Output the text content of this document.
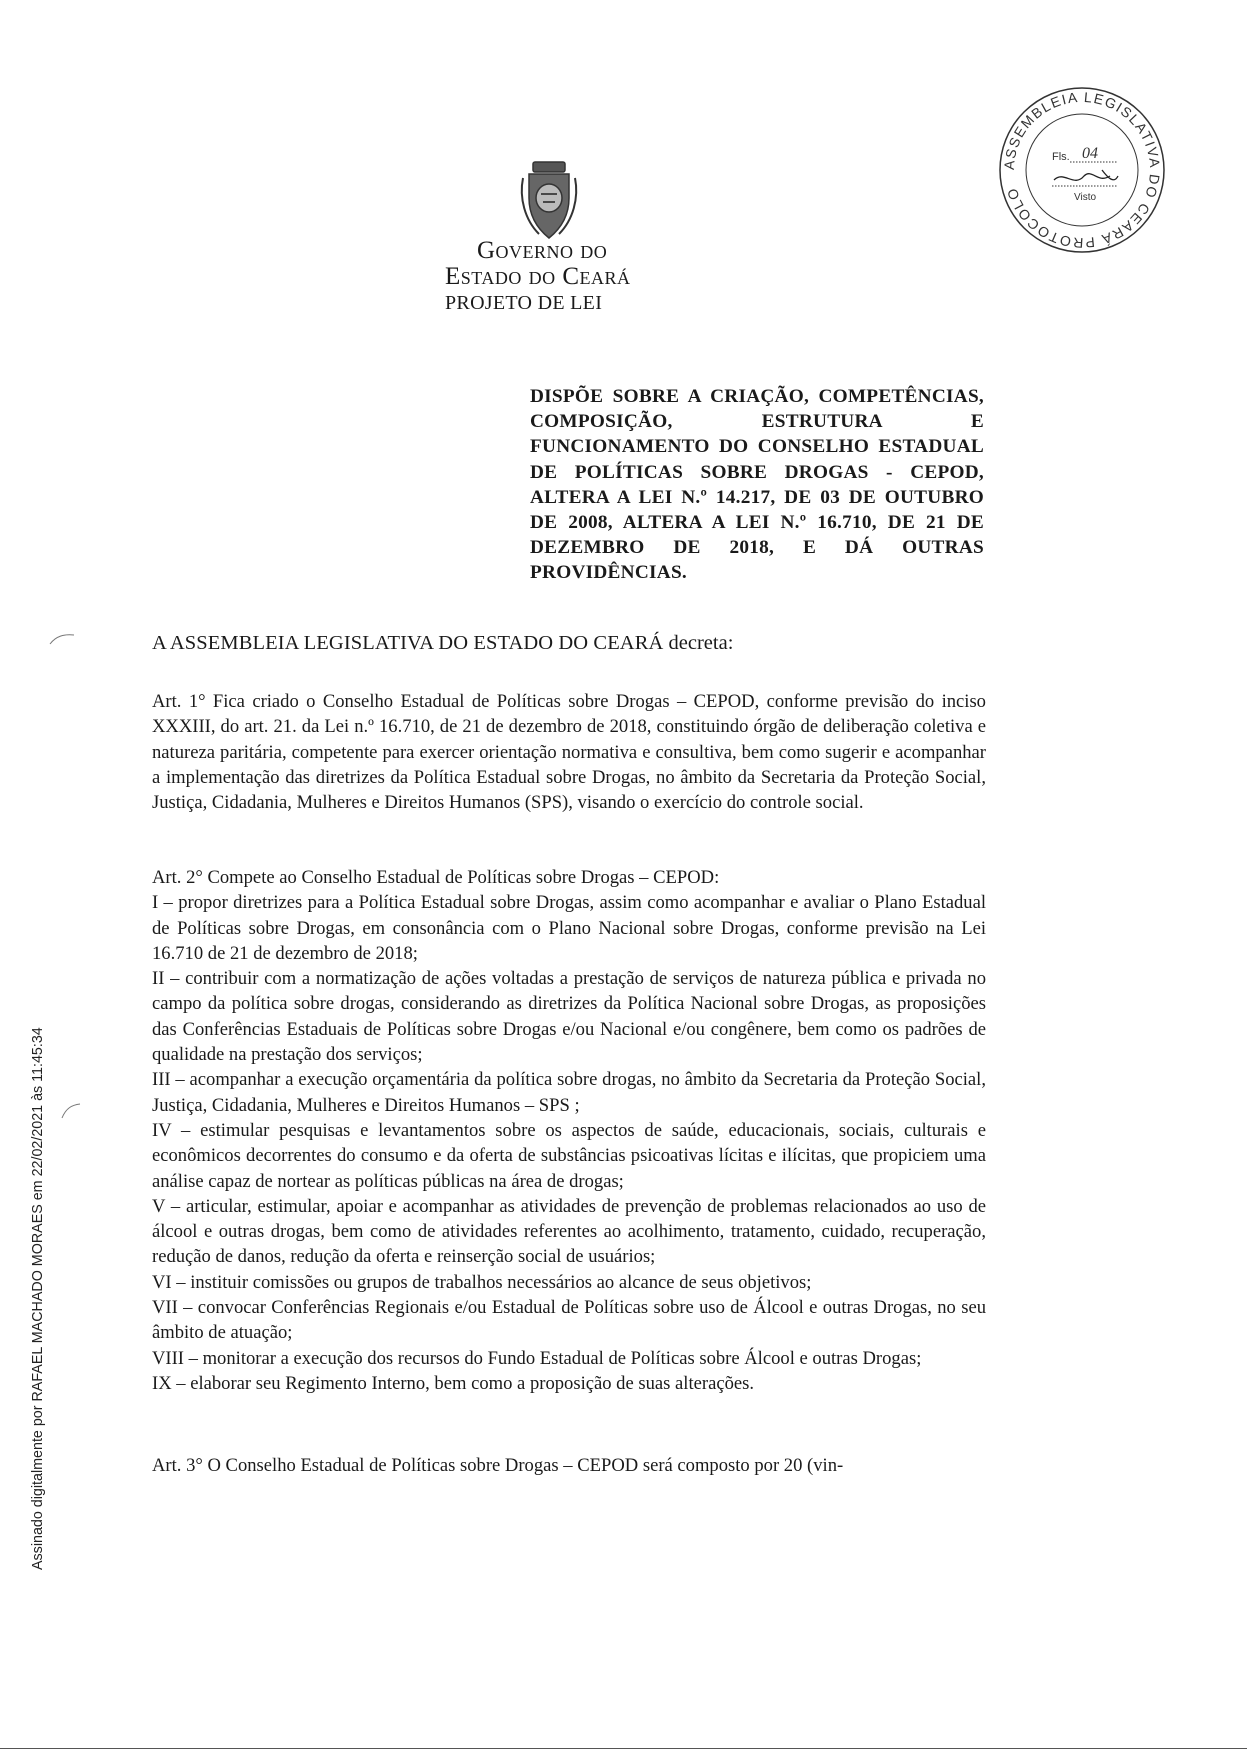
Governo do
Estado do Ceará
PROJETO DE LEI
ASSEMBLEIA LEGISLATIVA DO CEARÁ PROTOCOLO
Fls. 04
Visto
DISPÕE SOBRE A CRIAÇÃO, COMPETÊNCIAS, COMPOSIÇÃO, ESTRUTURA E FUNCIONAMENTO DO CONSELHO ESTADUAL DE POLÍTICAS SOBRE DROGAS - CEPOD, ALTERA A LEI N.º 14.217, DE 03 DE OUTUBRO DE 2008, ALTERA A LEI N.º 16.710, DE 21 DE DEZEMBRO DE 2018, E DÁ OUTRAS PROVIDÊNCIAS.
A ASSEMBLEIA LEGISLATIVA DO ESTADO DO CEARÁ decreta:
Art. 1° Fica criado o Conselho Estadual de Políticas sobre Drogas – CEPOD, conforme previsão do inciso XXXIII, do art. 21. da Lei n.º 16.710, de 21 de dezembro de 2018, constituindo órgão de deliberação coletiva e natureza paritária, competente para exercer orientação normativa e consultiva, bem como sugerir e acompanhar a implementação das diretrizes da Política Estadual sobre Drogas, no âmbito da Secretaria da Proteção Social, Justiça, Cidadania, Mulheres e Direitos Humanos (SPS), visando o exercício do controle social.
Art. 2° Compete ao Conselho Estadual de Políticas sobre Drogas – CEPOD:
I – propor diretrizes para a Política Estadual sobre Drogas, assim como acompanhar e avaliar o Plano Estadual de Políticas sobre Drogas, em consonância com o Plano Nacional sobre Drogas, conforme previsão na Lei 16.710 de 21 de dezembro de 2018;
II – contribuir com a normatização de ações voltadas a prestação de serviços de natureza pública e privada no campo da política sobre drogas, considerando as diretrizes da Política Nacional sobre Drogas, as proposições das Conferências Estaduais de Políticas sobre Drogas e/ou Nacional e/ou congênere, bem como os padrões de qualidade na prestação dos serviços;
III – acompanhar a execução orçamentária da política sobre drogas, no âmbito da Secretaria da Proteção Social, Justiça, Cidadania, Mulheres e Direitos Humanos – SPS ;
IV – estimular pesquisas e levantamentos sobre os aspectos de saúde, educacionais, sociais, culturais e econômicos decorrentes do consumo e da oferta de substâncias psicoativas lícitas e ilícitas, que propiciem uma análise capaz de nortear as políticas públicas na área de drogas;
V – articular, estimular, apoiar e acompanhar as atividades de prevenção de problemas relacionados ao uso de álcool e outras drogas, bem como de atividades referentes ao acolhimento, tratamento, cuidado, recuperação, redução de danos, redução da oferta e reinserção social de usuários;
VI – instituir comissões ou grupos de trabalhos necessários ao alcance de seus objetivos;
VII – convocar Conferências Regionais e/ou Estadual de Políticas sobre uso de Álcool e outras Drogas, no seu âmbito de atuação;
VIII – monitorar a execução dos recursos do Fundo Estadual de Políticas sobre Álcool e outras Drogas;
IX – elaborar seu Regimento Interno, bem como a proposição de suas alterações.
Art. 3° O Conselho Estadual de Políticas sobre Drogas – CEPOD será composto por 20 (vin-
Assinado digitalmente por RAFAEL MACHADO MORAES em 22/02/2021 às 11:45:34
